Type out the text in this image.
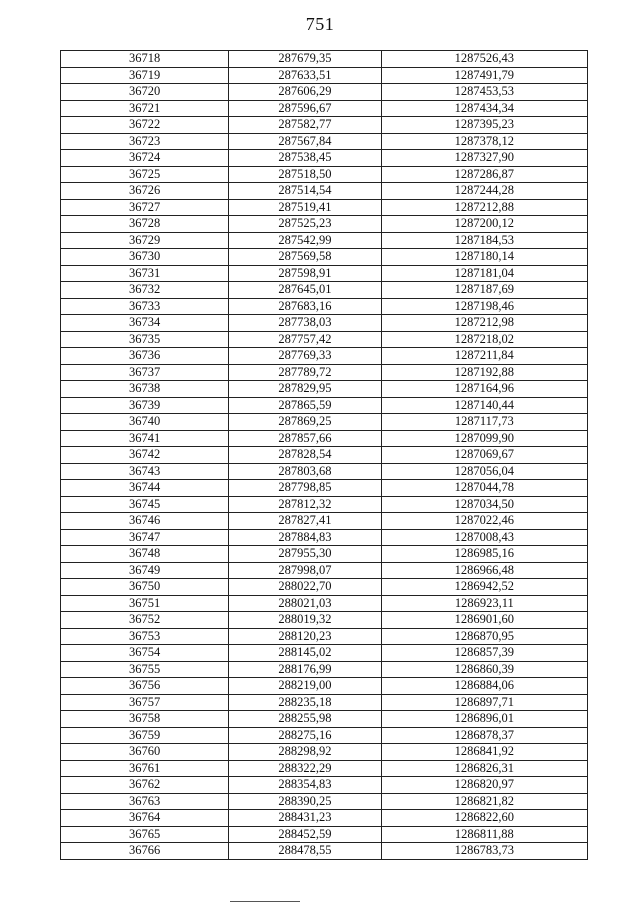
751
36718	287679,35	1287526,43
36719	287633,51	1287491,79
36720	287606,29	1287453,53
36721	287596,67	1287434,34
36722	287582,77	1287395,23
36723	287567,84	1287378,12
36724	287538,45	1287327,90
36725	287518,50	1287286,87
36726	287514,54	1287244,28
36727	287519,41	1287212,88
36728	287525,23	1287200,12
36729	287542,99	1287184,53
36730	287569,58	1287180,14
36731	287598,91	1287181,04
36732	287645,01	1287187,69
36733	287683,16	1287198,46
36734	287738,03	1287212,98
36735	287757,42	1287218,02
36736	287769,33	1287211,84
36737	287789,72	1287192,88
36738	287829,95	1287164,96
36739	287865,59	1287140,44
36740	287869,25	1287117,73
36741	287857,66	1287099,90
36742	287828,54	1287069,67
36743	287803,68	1287056,04
36744	287798,85	1287044,78
36745	287812,32	1287034,50
36746	287827,41	1287022,46
36747	287884,83	1287008,43
36748	287955,30	1286985,16
36749	287998,07	1286966,48
36750	288022,70	1286942,52
36751	288021,03	1286923,11
36752	288019,32	1286901,60
36753	288120,23	1286870,95
36754	288145,02	1286857,39
36755	288176,99	1286860,39
36756	288219,00	1286884,06
36757	288235,18	1286897,71
36758	288255,98	1286896,01
36759	288275,16	1286878,37
36760	288298,92	1286841,92
36761	288322,29	1286826,31
36762	288354,83	1286820,97
36763	288390,25	1286821,82
36764	288431,23	1286822,60
36765	288452,59	1286811,88
36766	288478,55	1286783,73
